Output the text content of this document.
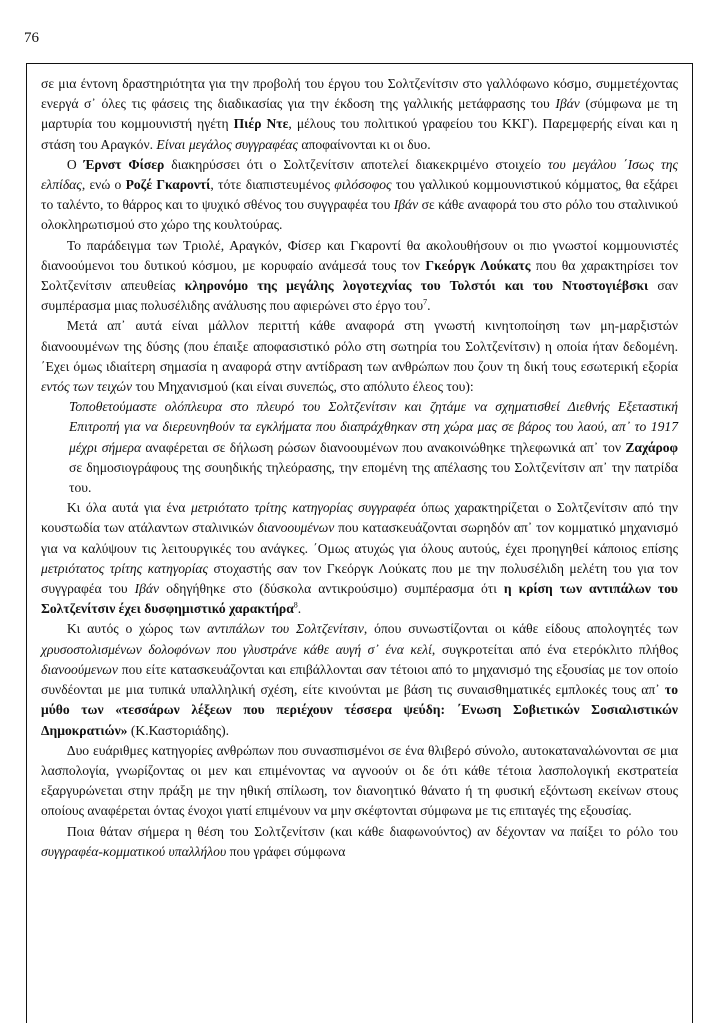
76

σε μια έντονη δραστηριότητα για την προβολή του έργου του Σολτζενίτσιν στο γαλλόφωνο κόσμο, συμμετέχοντας ενεργά σ᾽ όλες τις φάσεις της διαδικασίας για την έκδοση της γαλλικής μετάφρασης του Ιβάν (σύμφωνα με τη μαρτυρία του κομμουνιστή ηγέτη Πιέρ Ντε, μέλους του πολιτικού γραφείου του ΚΚΓ). Παρεμφερής είναι και η στάση του Αραγκόν. Είναι μεγάλος συγγραφέας αποφαίνονται κι οι δυο.

Ο Έρνστ Φίσερ διακηρύσσει ότι ο Σολτζενίτσιν αποτελεί διακεκριμένο στοιχείο του μεγάλου ΄Ισως της ελπίδας, ενώ ο Ροζέ Γκαροντί, τότε διαπιστευμένος φιλόσοφος του γαλλικού κομμουνιστικού κόμματος, θα εξάρει το ταλέντο, το θάρρος και το ψυχικό σθένος του συγγραφέα του Ιβάν σε κάθε αναφορά του στο ρόλο του σταλινικού ολοκληρωτισμού στο χώρο της κουλτούρας.

Το παράδειγμα των Τριολέ, Αραγκόν, Φίσερ και Γκαροντί θα ακολουθήσουν οι πιο γνωστοί κομμουνιστές διανοούμενοι του δυτικού κόσμου, με κορυφαίο ανάμεσά τους τον Γκεόργκ Λούκατς που θα χαρακτηρίσει τον Σολτζενίτσιν απευθείας κληρονόμο της μεγάλης λογοτεχνίας του Τολστόι και του Ντοστογιέβσκι σαν συμπέρασμα μιας πολυσέλιδης ανάλυσης που αφιερώνει στο έργο του$^7$.

Μετά απ᾽ αυτά είναι μάλλον περιττή κάθε αναφορά στη γνωστή κινητοποίηση των μη-μαρξιστών διανοουμένων της δύσης (που έπαιξε αποφασιστικό ρόλο στη σωτηρία του Σολτζενίτσιν) η οποία ήταν δεδομένη. ΄Εχει όμως ιδιαίτερη σημασία η αναφορά στην αντίδραση των ανθρώπων που ζουν τη δική τους εσωτερική εξορία εντός των τειχών του Μηχανισμού (και είναι συνεπώς, στο απόλυτο έλεος του):

Τοποθετούμαστε ολόπλευρα στο πλευρό του Σολτζενίτσιν και ζητάμε να σχηματισθεί Διεθνής Εξεταστική Επιτροπή για να διερευνηθούν τα εγκλήματα που διαπράχθηκαν στη χώρα μας σε βάρος του λαού, απ᾽ το 1917 μέχρι σήμερα αναφέρεται σε δήλωση ρώσων διανοουμένων που ανακοινώθηκε τηλεφωνικά απ᾽ τον Ζαχάροφ σε δημοσιογράφους της σουηδικής τηλεόρασης, την επομένη της απέλασης του Σολτζενίτσιν απ᾽ την πατρίδα του.

Κι όλα αυτά για ένα μετριότατο τρίτης κατηγορίας συγγραφέα όπως χαρακτηρίζεται ο Σολτζενίτσιν από την κουστωδία των ατάλαντων σταλινικών διανοουμένων που κατασκευάζονται σωρηδόν απ᾽ τον κομματικό μηχανισμό για να καλύψουν τις λειτουργικές του ανάγκες. ΄Ομως ατυχώς για όλους αυτούς, έχει προηγηθεί κάποιος επίσης μετριότατος τρίτης κατηγορίας στοχαστής σαν τον Γκεόργκ Λούκατς που με την πολυσέλιδη μελέτη του για τον συγγραφέα του Ιβάν οδηγήθηκε στο (δύσκολα αντικρούσιμο) συμπέρασμα ότι η κρίση των αντιπάλων του Σολτζενίτσιν έχει δυσφημιστικό χαρακτήρα$^8$.

Κι αυτός ο χώρος των αντιπάλων του Σολτζενίτσιν, όπου συνωστίζονται οι κάθε είδους απολογητές των χρυσοστολισμένων δολοφόνων που γλυστράνε κάθε αυγή σ᾽ ένα κελί, συγκροτείται από ένα ετερόκλιτο πλήθος διανοούμενων που είτε κατασκευάζονται και επιβάλλονται σαν τέτοιοι από το μηχανισμό της εξουσίας με τον οποίο συνδέονται με μια τυπικά υπαλληλική σχέση, είτε κινούνται με βάση τις συναισθηματικές εμπλοκές τους απ᾽ το μύθο των «τεσσάρων λέξεων που περιέχουν τέσσερα ψεύδη: ΄Ενωση Σοβιετικών Σοσιαλιστικών Δημοκρατιών» (Κ.Καστοριάδης).

Δυο ευάριθμες κατηγορίες ανθρώπων που συνασπισμένοι σε ένα θλιβερό σύνολο, αυτοκαταναλώνονται σε μια λασπολογία, γνωρίζοντας οι μεν και επιμένοντας να αγνοούν οι δε ότι κάθε τέτοια λασπολογική εκστρατεία εξαργυρώνεται στην πράξη με την ηθική σπίλωση, τον διανοητικό θάνατο ή τη φυσική εξόντωση εκείνων στους οποίους αναφέρεται όντας ένοχοι γιατί επιμένουν να μην σκέφτονται σύμφωνα με τις επιταγές της εξουσίας.

Ποια θάταν σήμερα η θέση του Σολτζενίτσιν (και κάθε διαφωνούντος) αν δέχονταν να παίξει το ρόλο του συγγραφέα-κομματικού υπαλλήλου που γράφει σύμφωνα
